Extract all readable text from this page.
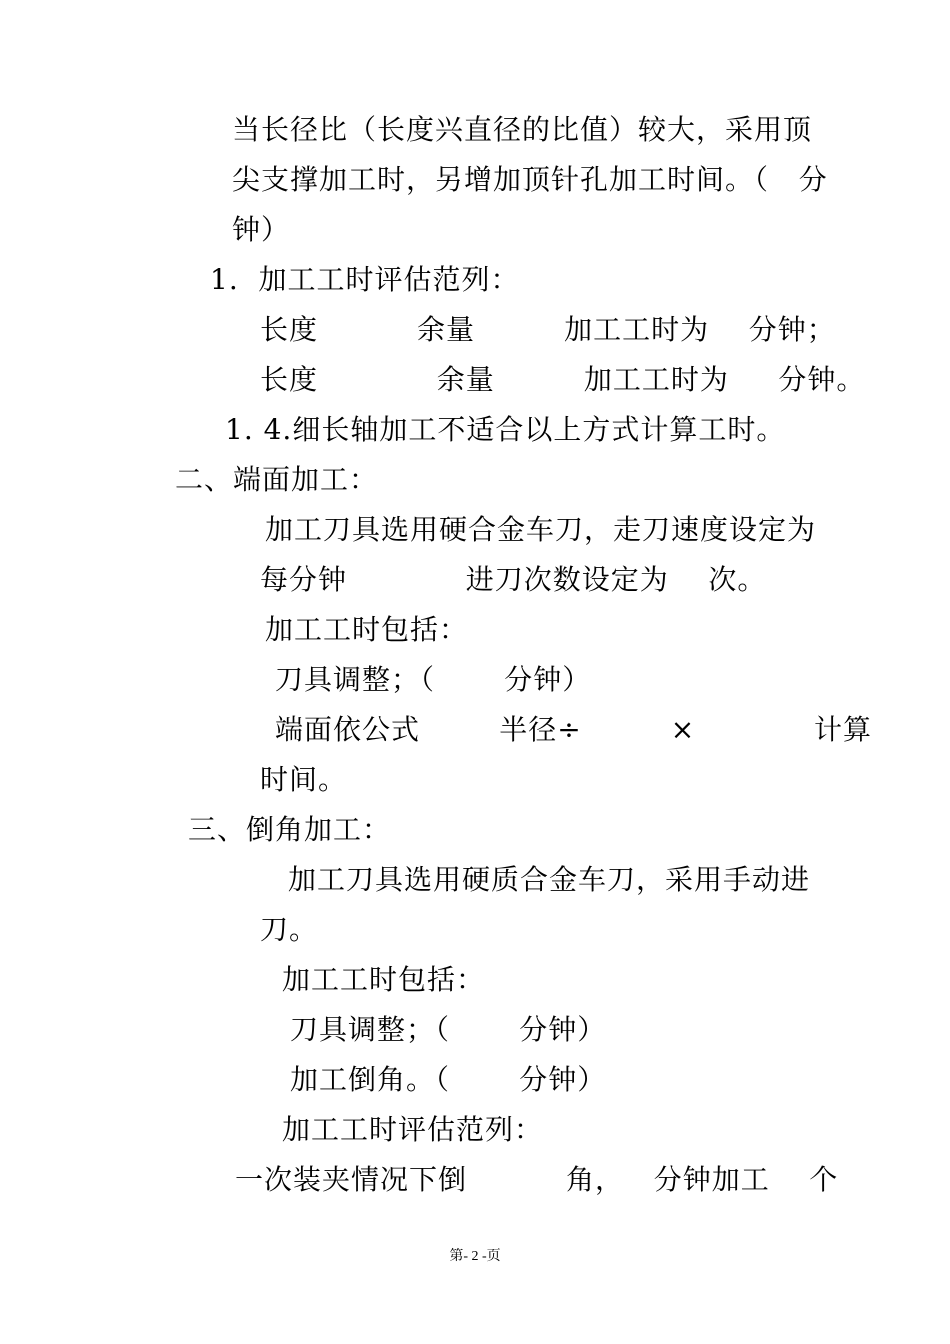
当长径比（长度兴直径的比值）较大，采用顶
尖支撑加工时，另增加顶针孔加工时间。（   分
钟）
1.  加工工时评估范列：
长度          余量         加工工时为    分钟；
长度            余量         加工工时为     分钟。
1. 4.细长轴加工不适合以上方式计算工时。
二、端面加工：
加工刀具选用硬合金车刀，走刀速度设定为
每分钟            进刀次数设定为    次。
加工工时包括：
刀具调整；（       分钟）
端面依公式        半径÷         ×            计算
时间。
三、倒角加工：
加工刀具选用硬质合金车刀，采用手动进
刀。
加工工时包括：
刀具调整；（       分钟）
加工倒角。（       分钟）
加工工时评估范列：
一次装夹情况下倒          角，   分钟加工    个
第- 2 -页
